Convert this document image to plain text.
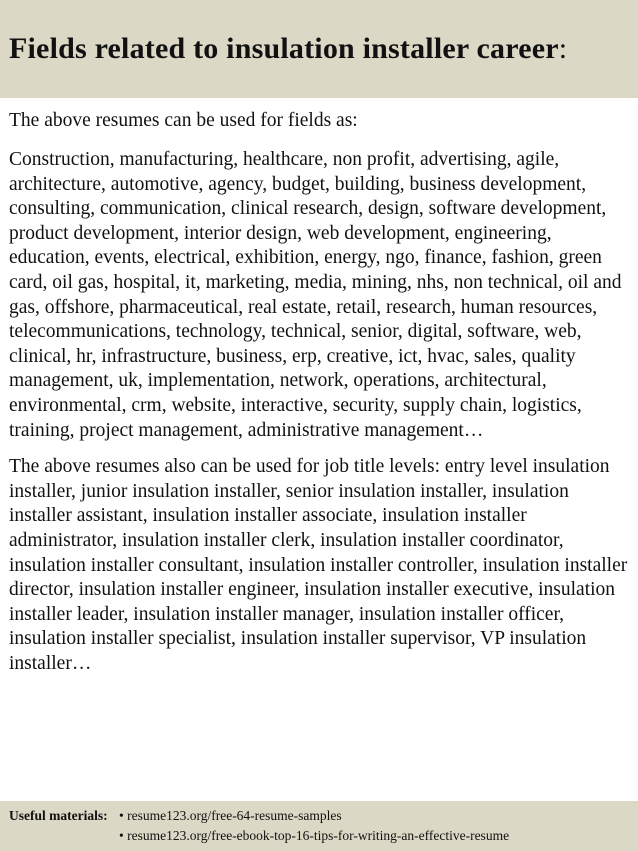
Fields related to insulation installer career:

The above resumes can be used for fields as:

Construction, manufacturing, healthcare, non profit, advertising, agile, architecture, automotive, agency, budget, building, business development, consulting, communication, clinical research, design, software development, product development, interior design, web development, engineering, education, events, electrical, exhibition, energy, ngo, finance, fashion, green card, oil gas, hospital, it, marketing, media, mining, nhs, non technical, oil and gas, offshore, pharmaceutical, real estate, retail, research, human resources, telecommunications, technology, technical, senior, digital, software, web, clinical, hr, infrastructure, business, erp, creative, ict, hvac, sales, quality management, uk, implementation, network, operations, architectural, environmental, crm, website, interactive, security, supply chain, logistics, training, project management, administrative management…

The above resumes also can be used for job title levels: entry level insulation installer, junior insulation installer, senior insulation installer, insulation installer assistant, insulation installer associate, insulation installer administrator, insulation installer clerk, insulation installer coordinator, insulation installer consultant, insulation installer controller, insulation installer director, insulation installer engineer, insulation installer executive, insulation installer leader, insulation installer manager, insulation installer officer, insulation installer specialist, insulation installer supervisor, VP insulation installer…

Useful materials: • resume123.org/free-64-resume-samples
• resume123.org/free-ebook-top-16-tips-for-writing-an-effective-resume
